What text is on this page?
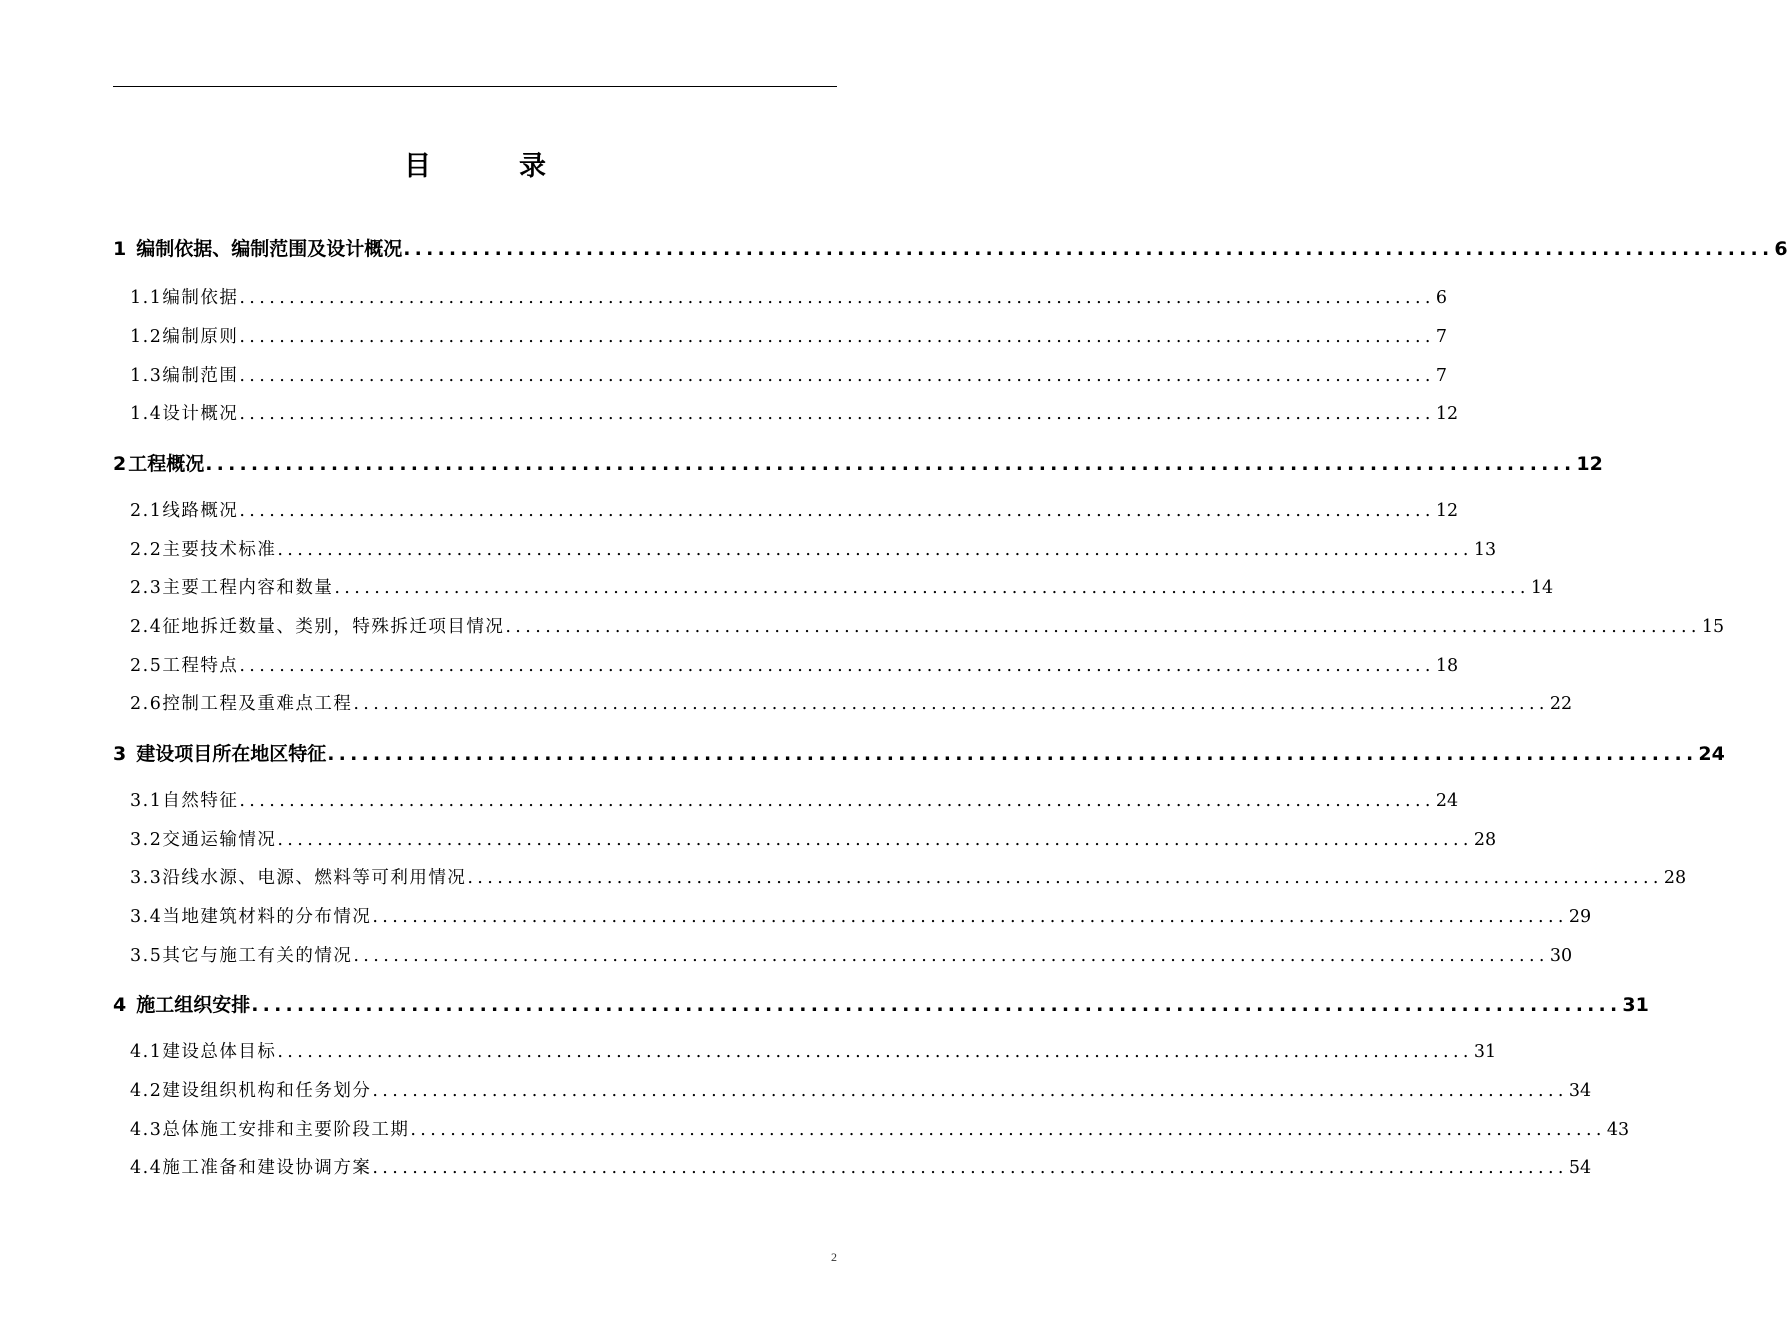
目	录
1 编制依据、编制范围及设计概况 ........................................................................................................................ 6
1.1 编制依据 ........................................................................................................................ 6
1.2 编制原则 ........................................................................................................................ 7
1.3 编制范围 ........................................................................................................................ 7
1.4 设计概况 ........................................................................................................................ 12
2 工程概况 ........................................................................................................................ 12
2.1 线路概况 ........................................................................................................................ 12
2.2 主要技术标准 ........................................................................................................................ 13
2.3 主要工程内容和数量 ........................................................................................................................ 14
2.4 征地拆迁数量、类别，特殊拆迁项目情况 ........................................................................................................................ 15
2.5 工程特点 ........................................................................................................................ 18
2.6 控制工程及重难点工程 ........................................................................................................................ 22
3 建设项目所在地区特征 ........................................................................................................................ 24
3.1 自然特征 ........................................................................................................................ 24
3.2 交通运输情况 ........................................................................................................................ 28
3.3 沿线水源、电源、燃料等可利用情况 ........................................................................................................................ 28
3.4 当地建筑材料的分布情况 ........................................................................................................................ 29
3.5 其它与施工有关的情况 ........................................................................................................................ 30
4 施工组织安排 ........................................................................................................................ 31
4.1 建设总体目标 ........................................................................................................................ 31
4.2 建设组织机构和任务划分 ........................................................................................................................ 34
4.3 总体施工安排和主要阶段工期 ........................................................................................................................ 43
4.4 施工准备和建设协调方案 ........................................................................................................................ 54
2
